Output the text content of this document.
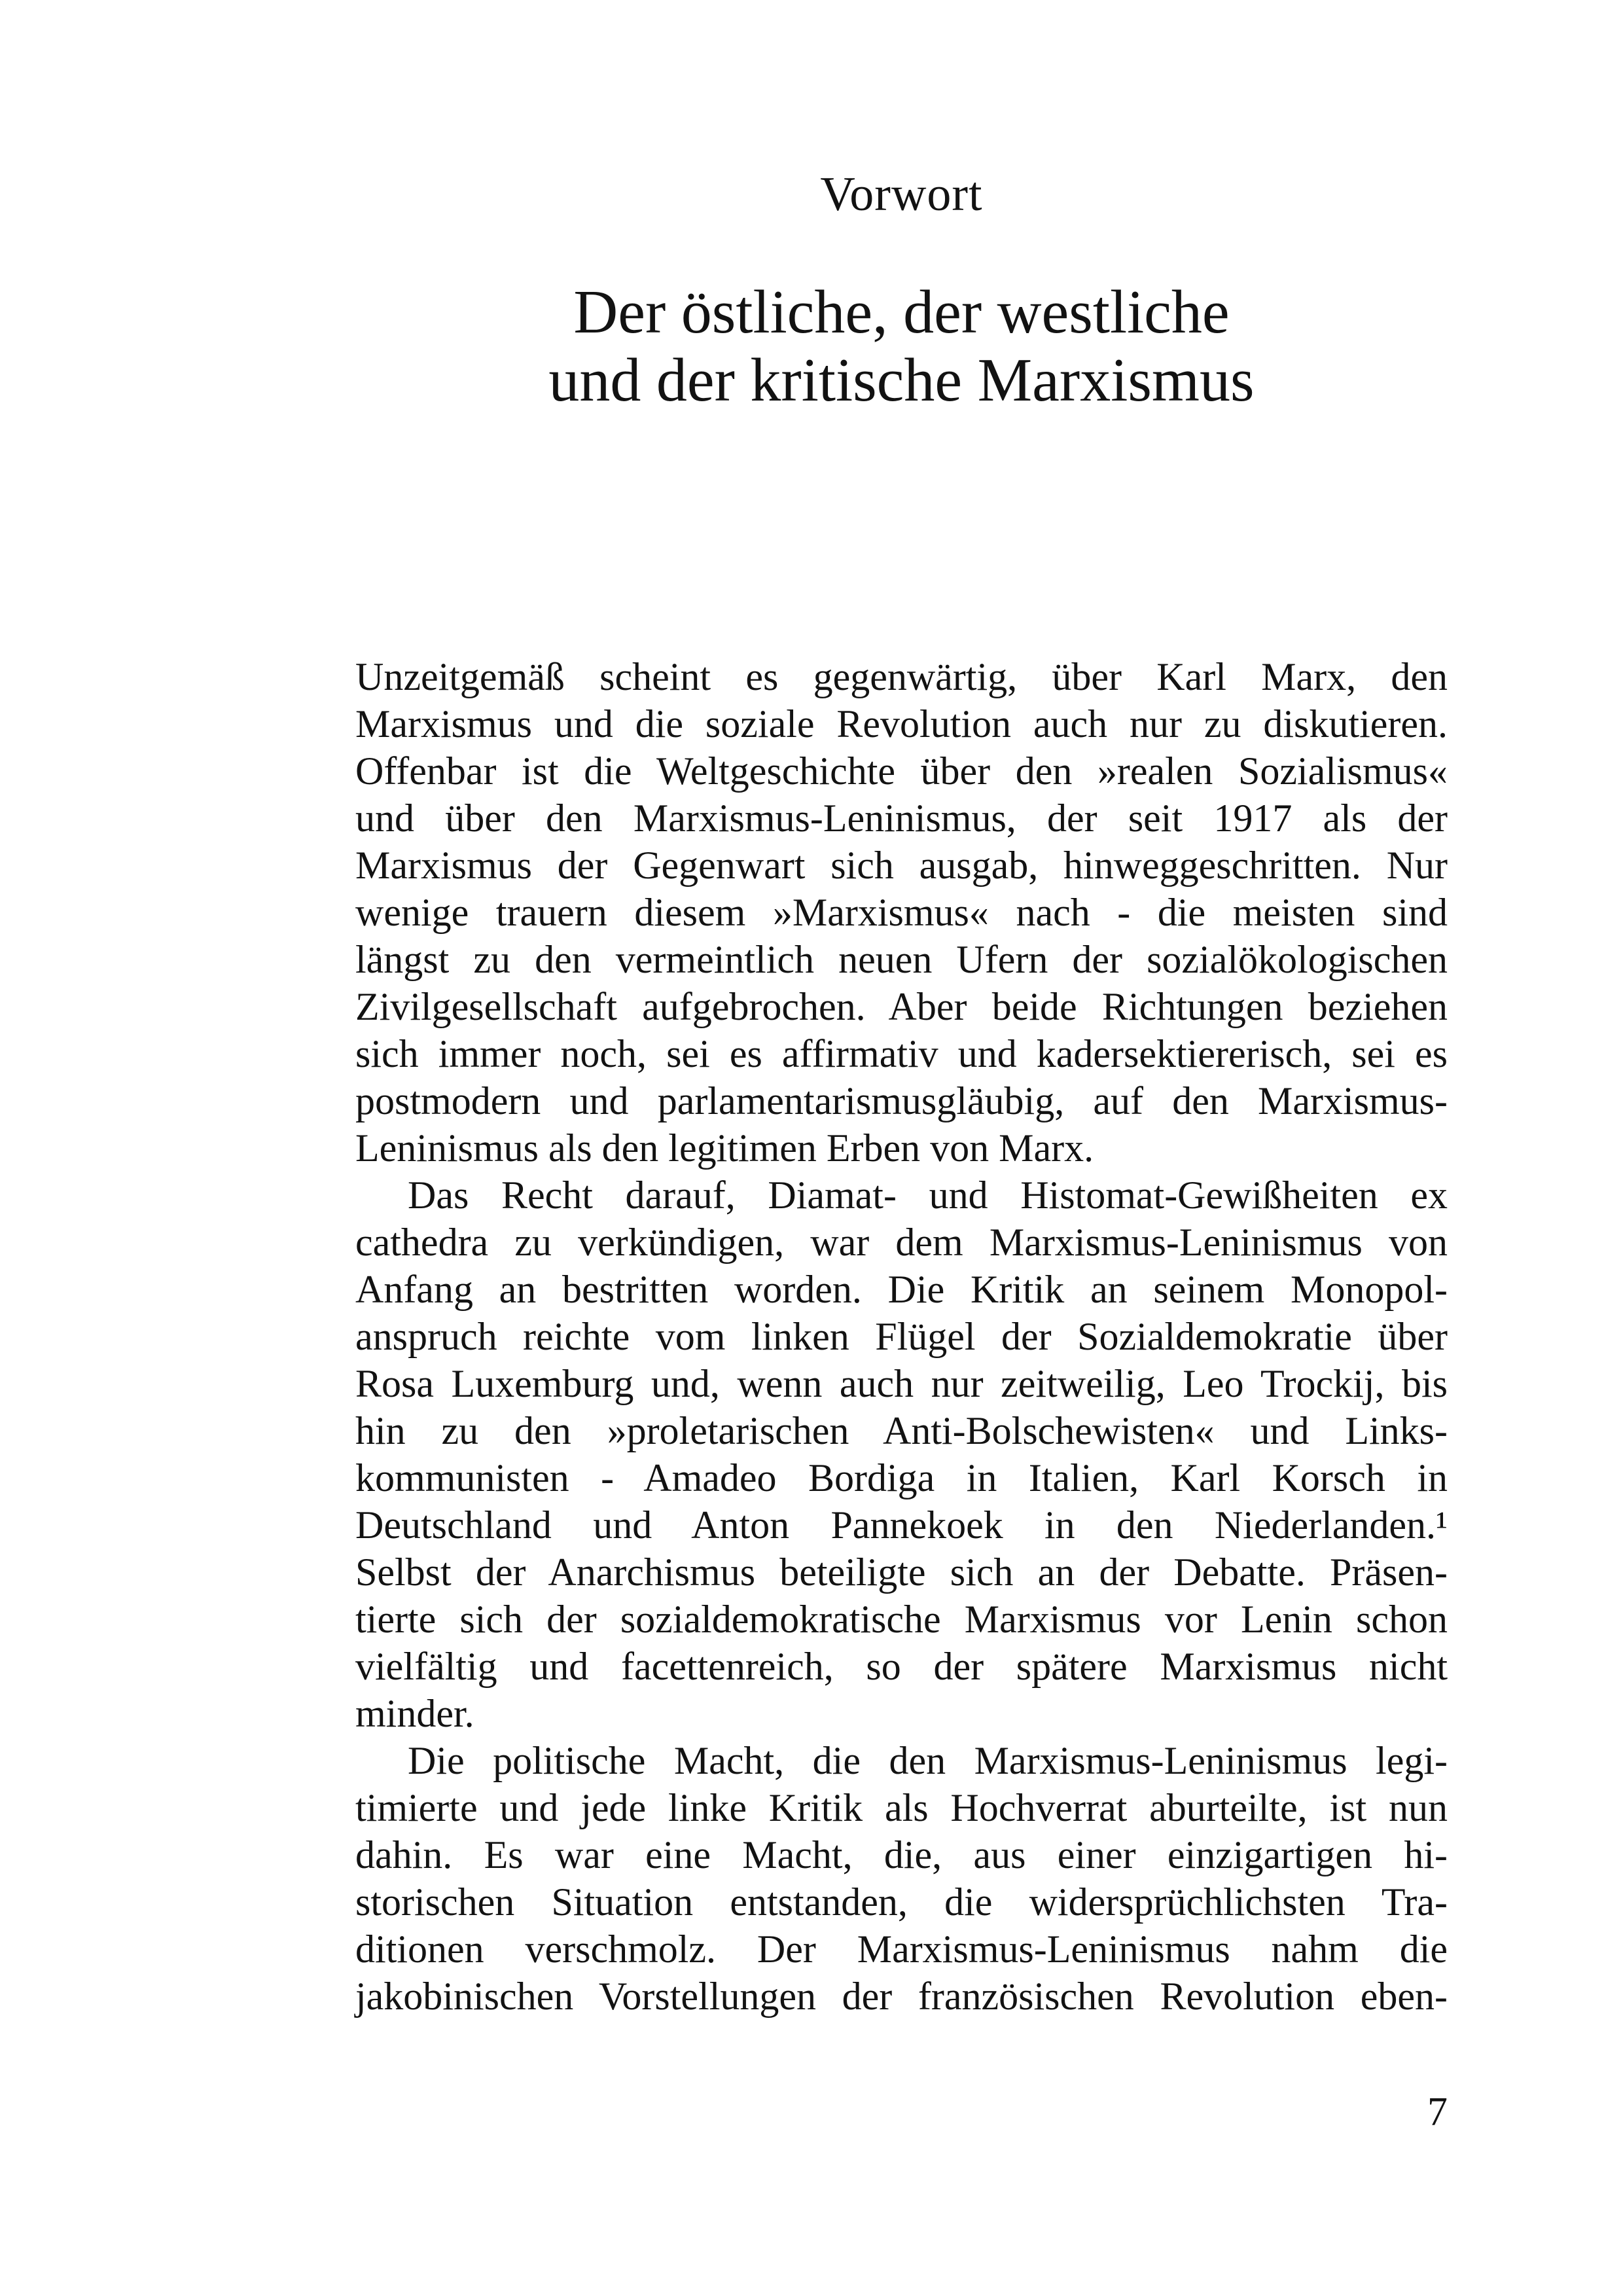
Vorwort
Der östliche, der westliche
und der kritische Marxismus
Unzeitgemäß scheint es gegenwärtig, über Karl Marx, den
Marxismus und die soziale Revolution auch nur zu diskutieren.
Offenbar ist die Weltgeschichte über den »realen Sozialismus«
und über den Marxismus-Leninismus, der seit 1917 als der
Marxismus der Gegenwart sich ausgab, hinweggeschritten. Nur
wenige trauern diesem »Marxismus« nach - die meisten sind
längst zu den vermeintlich neuen Ufern der sozialökologischen
Zivilgesellschaft aufgebrochen. Aber beide Richtungen beziehen
sich immer noch, sei es affirmativ und kadersektiererisch, sei es
postmodern und parlamentarismusgläubig, auf den Marxismus-
Leninismus als den legitimen Erben von Marx.
Das Recht darauf, Diamat- und Histomat-Gewißheiten ex
cathedra zu verkündigen, war dem Marxismus-Leninismus von
Anfang an bestritten worden. Die Kritik an seinem Monopol-
anspruch reichte vom linken Flügel der Sozialdemokratie über
Rosa Luxemburg und, wenn auch nur zeitweilig, Leo Trockij, bis
hin zu den »proletarischen Anti-Bolschewisten« und Links-
kommunisten - Amadeo Bordiga in Italien, Karl Korsch in
Deutschland und Anton Pannekoek in den Niederlanden.¹
Selbst der Anarchismus beteiligte sich an der Debatte. Präsen-
tierte sich der sozialdemokratische Marxismus vor Lenin schon
vielfältig und facettenreich, so der spätere Marxismus nicht
minder.
Die politische Macht, die den Marxismus-Leninismus legi-
timierte und jede linke Kritik als Hochverrat aburteilte, ist nun
dahin. Es war eine Macht, die, aus einer einzigartigen hi-
storischen Situation entstanden, die widersprüchlichsten Tra-
ditionen verschmolz. Der Marxismus-Leninismus nahm die
jakobinischen Vorstellungen der französischen Revolution eben-
7
